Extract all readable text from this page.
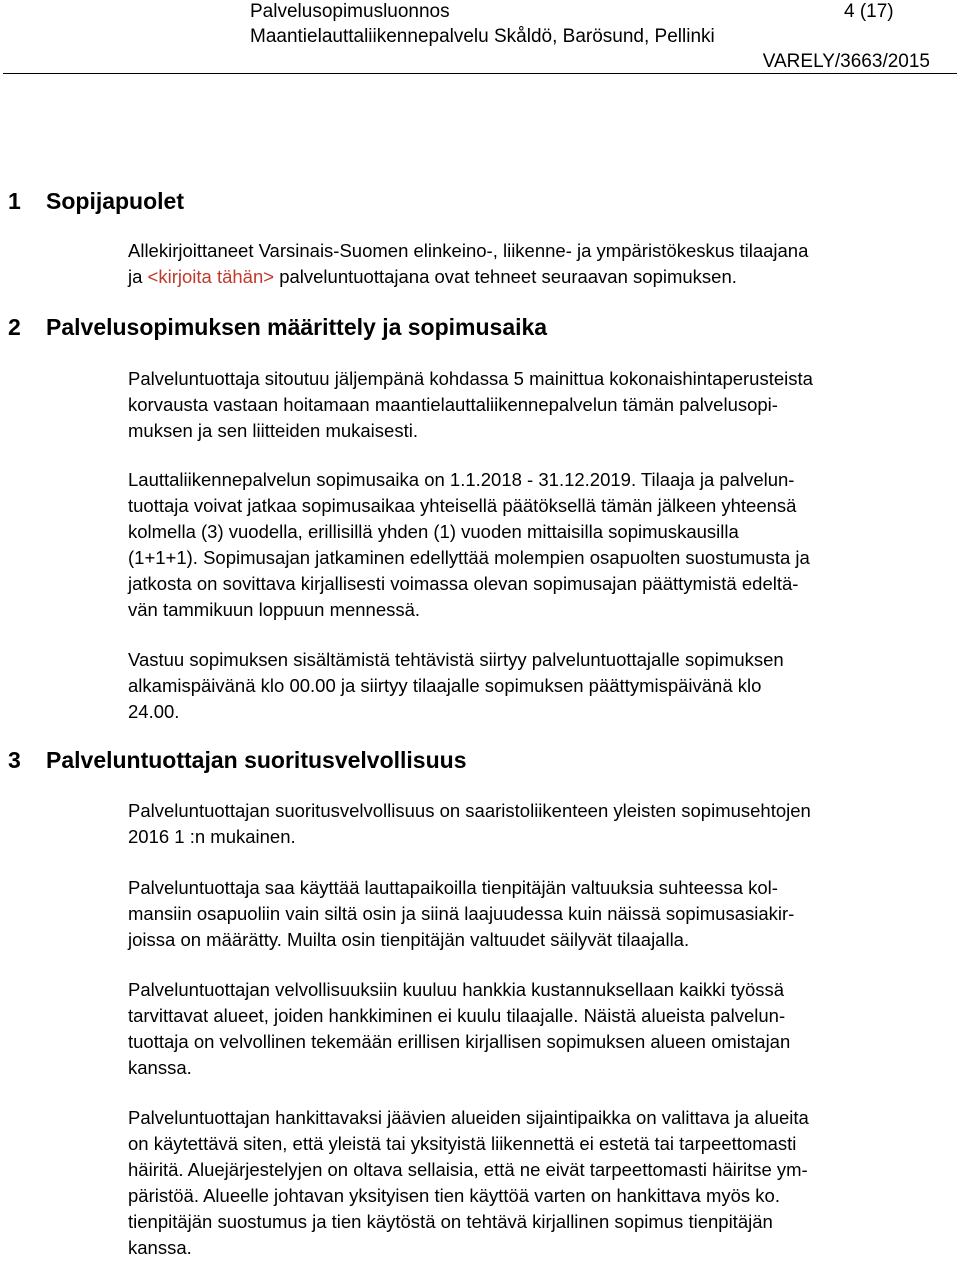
Palvelusopimusluonnos	4 (17)
Maantielauttaliikennepalvelu Skåldö, Barösund, Pellinki
VARELY/3663/2015
1 Sopijapuolet

Allekirjoittaneet Varsinais-Suomen elinkeino-, liikenne- ja ympäristökeskus tilaajana
ja <kirjoita tähän> palveluntuottajana ovat tehneet seuraavan sopimuksen.

2 Palvelusopimuksen määrittely ja sopimusaika

Palveluntuottaja sitoutuu jäljempänä kohdassa 5 mainittua kokonaishintaperusteista
korvausta vastaan hoitamaan maantielauttaliikennepalvelun tämän palvelusopi-
muksen ja sen liitteiden mukaisesti.

Lauttaliikennepalvelun sopimusaika on 1.1.2018 - 31.12.2019. Tilaaja ja palvelun-
tuottaja voivat jatkaa sopimusaikaa yhteisellä päätöksellä tämän jälkeen yhteensä
kolmella (3) vuodella, erillisillä yhden (1) vuoden mittaisilla sopimuskausilla
(1+1+1). Sopimusajan jatkaminen edellyttää molempien osapuolten suostumusta ja
jatkosta on sovittava kirjallisesti voimassa olevan sopimusajan päättymistä edeltä-
vän tammikuun loppuun mennessä.

Vastuu sopimuksen sisältämistä tehtävistä siirtyy palveluntuottajalle sopimuksen
alkamispäivänä klo 00.00 ja siirtyy tilaajalle sopimuksen päättymispäivänä klo
24.00.

3 Palveluntuottajan suoritusvelvollisuus

Palveluntuottajan suoritusvelvollisuus on saaristoliikenteen yleisten sopimusehtojen
2016 1 :n mukainen.

Palveluntuottaja saa käyttää lauttapaikoilla tienpitäjän valtuuksia suhteessa kol-
mansiin osapuoliin vain siltä osin ja siinä laajuudessa kuin näissä sopimusasiakir-
joissa on määrätty. Muilta osin tienpitäjän valtuudet säilyvät tilaajalla.

Palveluntuottajan velvollisuuksiin kuuluu hankkia kustannuksellaan kaikki työssä
tarvittavat alueet, joiden hankkiminen ei kuulu tilaajalle. Näistä alueista palvelun-
tuottaja on velvollinen tekemään erillisen kirjallisen sopimuksen alueen omistajan
kanssa.

Palveluntuottajan hankittavaksi jäävien alueiden sijaintipaikka on valittava ja alueita
on käytettävä siten, että yleistä tai yksityistä liikennettä ei estetä tai tarpeettomasti
häiritä. Aluejärjestelyjen on oltava sellaisia, että ne eivät tarpeettomasti häiritse ym-
päristöä. Alueelle johtavan yksityisen tien käyttöä varten on hankittava myös ko.
tienpitäjän suostumus ja tien käytöstä on tehtävä kirjallinen sopimus tienpitäjän
kanssa.
